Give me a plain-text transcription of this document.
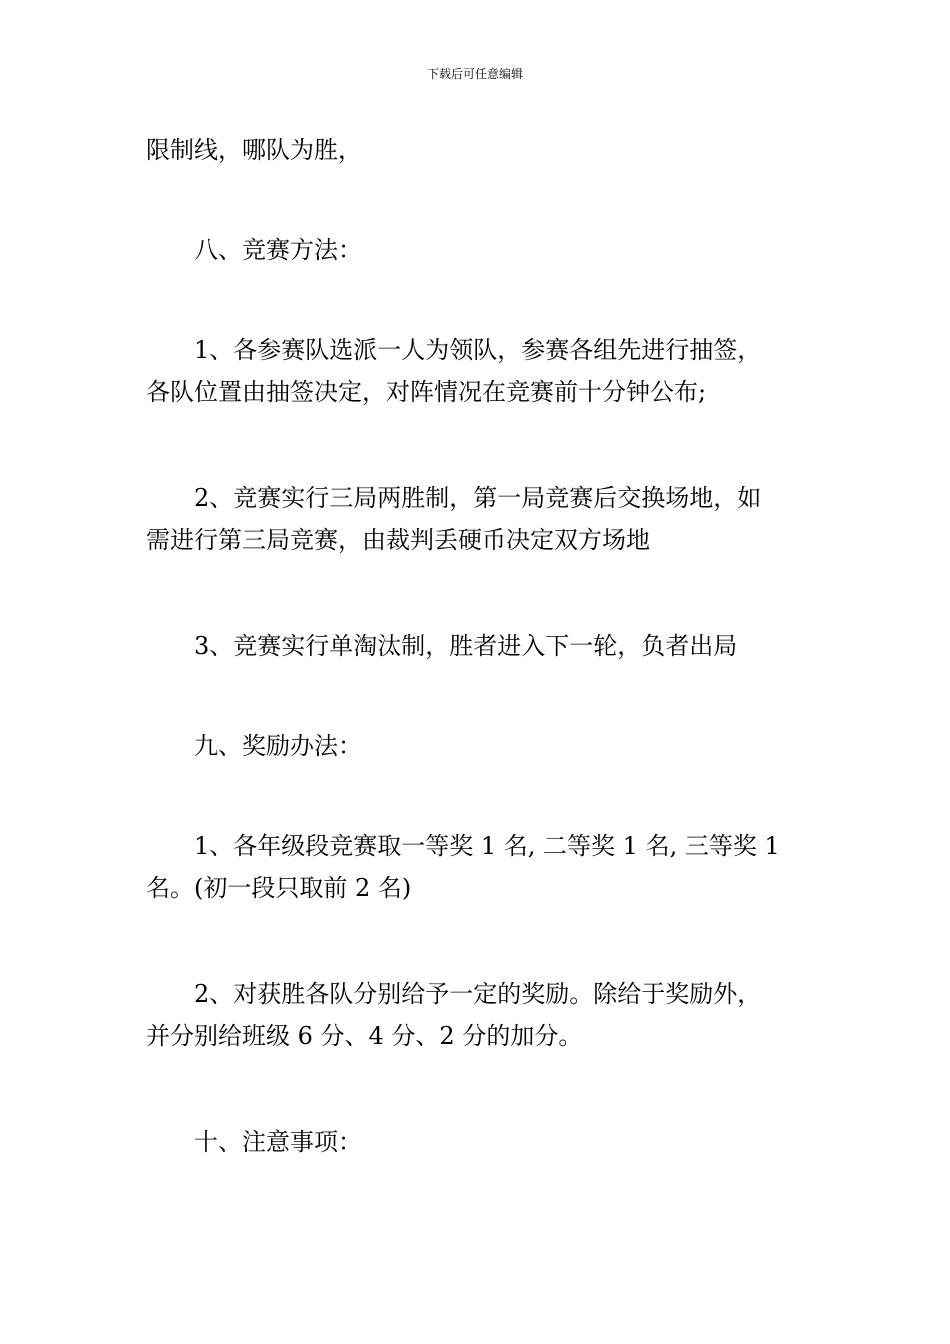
下载后可任意编辑

限制线，哪队为胜，

八、竞赛方法：

1、各参赛队选派一人为领队，参赛各组先进行抽签，
各队位置由抽签决定，对阵情况在竞赛前十分钟公布;

2、竞赛实行三局两胜制，第一局竞赛后交换场地，如
需进行第三局竞赛，由裁判丢硬币决定双方场地

3、竞赛实行单淘汰制，胜者进入下一轮，负者出局

九、奖励办法：

1、各年级段竞赛取一等奖 1 名, 二等奖 1 名, 三等奖 1
名。(初一段只取前 2 名)

2、对获胜各队分别给予一定的奖励。除给于奖励外，
并分别给班级 6 分、4 分、2 分的加分。

十、注意事项：
